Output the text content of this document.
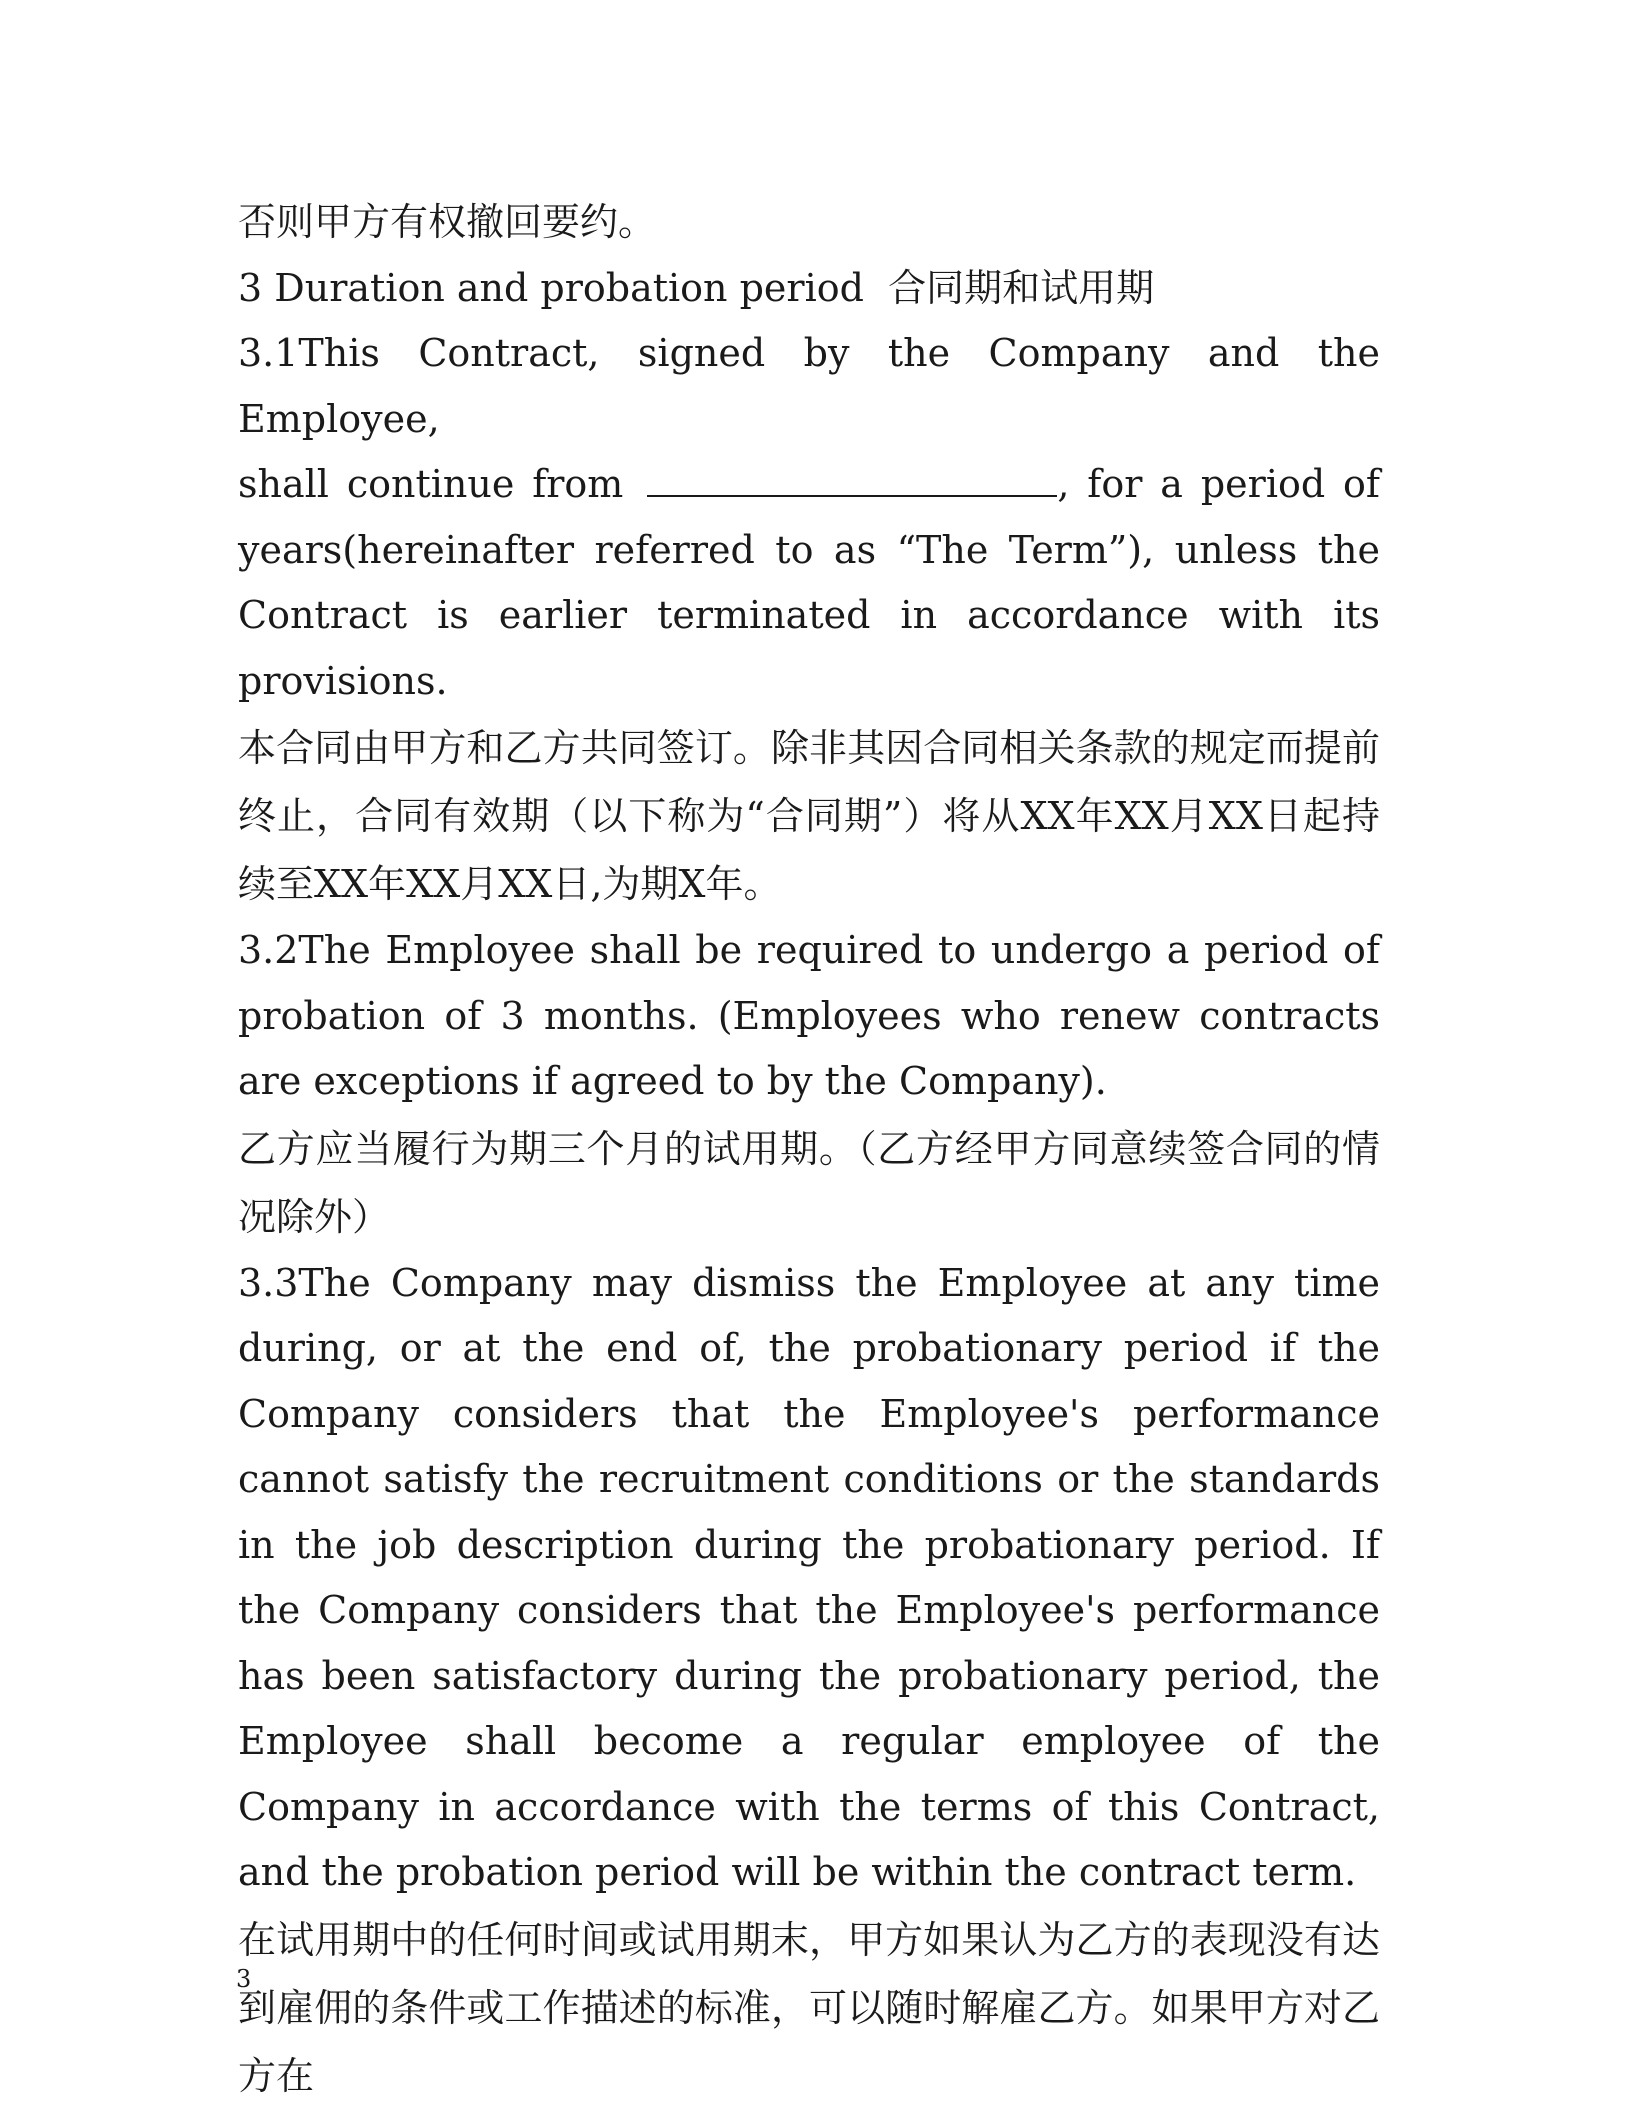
否则甲方有权撤回要约。

3 Duration and probation period  合同期和试用期

3.1This Contract, signed by the Company and the Employee,

shall continue from	, for a period of

years(hereinafter referred to as “The Term”), unless the Contract is earlier terminated in accordance with its provisions.

本合同由甲方和乙方共同签订。除非其因合同相关条款的规定而提前终止，合同有效期（以下称为“合同期”）将从XX年XX月XX日起持续至XX年XX月XX日,为期X年。

3.2The Employee shall be required to undergo a period of probation of 3 months. (Employees who renew contracts are exceptions if agreed to by the Company).

乙方应当履行为期三个月的试用期。（乙方经甲方同意续签合同的情况除外）

3.3The Company may dismiss the Employee at any time during, or at the end of, the probationary period if the Company considers that the Employee's performance cannot satisfy the recruitment conditions or the standards in the job description during the probationary period. If the Company considers that the Employee's performance has been satisfactory during the probationary period, the Employee shall become a regular employee of the Company in accordance with the terms of this Contract, and the probation period will be within the contract term.

在试用期中的任何时间或试用期末，甲方如果认为乙方的表现没有达到雇佣的条件或工作描述的标准，可以随时解雇乙方。如果甲方对乙方在

3
